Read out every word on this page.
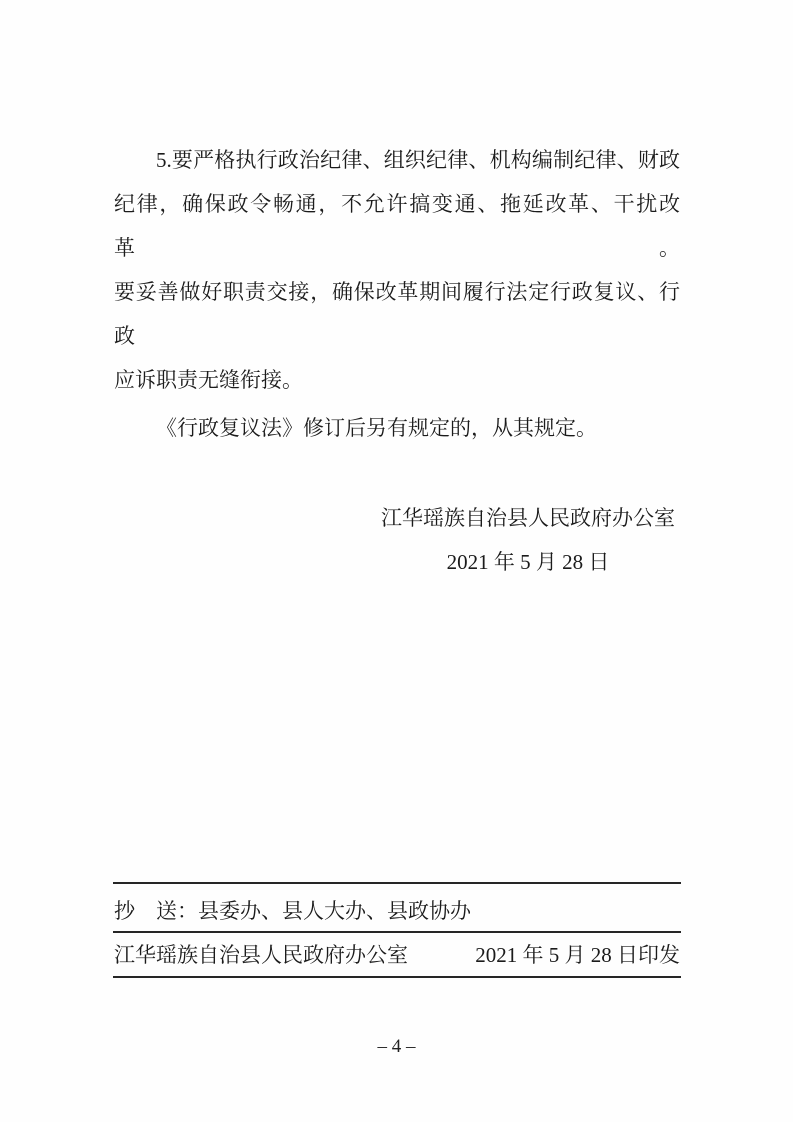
5.要严格执行政治纪律、组织纪律、机构编制纪律、财政
纪律，确保政令畅通，不允许搞变通、拖延改革、干扰改革。
要妥善做好职责交接，确保改革期间履行法定行政复议、行政
应诉职责无缝衔接。
《行政复议法》修订后另有规定的，从其规定。
江华瑶族自治县人民政府办公室
2021 年 5 月 28 日
抄　送：县委办、县人大办、县政协办
江华瑶族自治县人民政府办公室	2021 年 5 月 28 日印发
– 4 –
